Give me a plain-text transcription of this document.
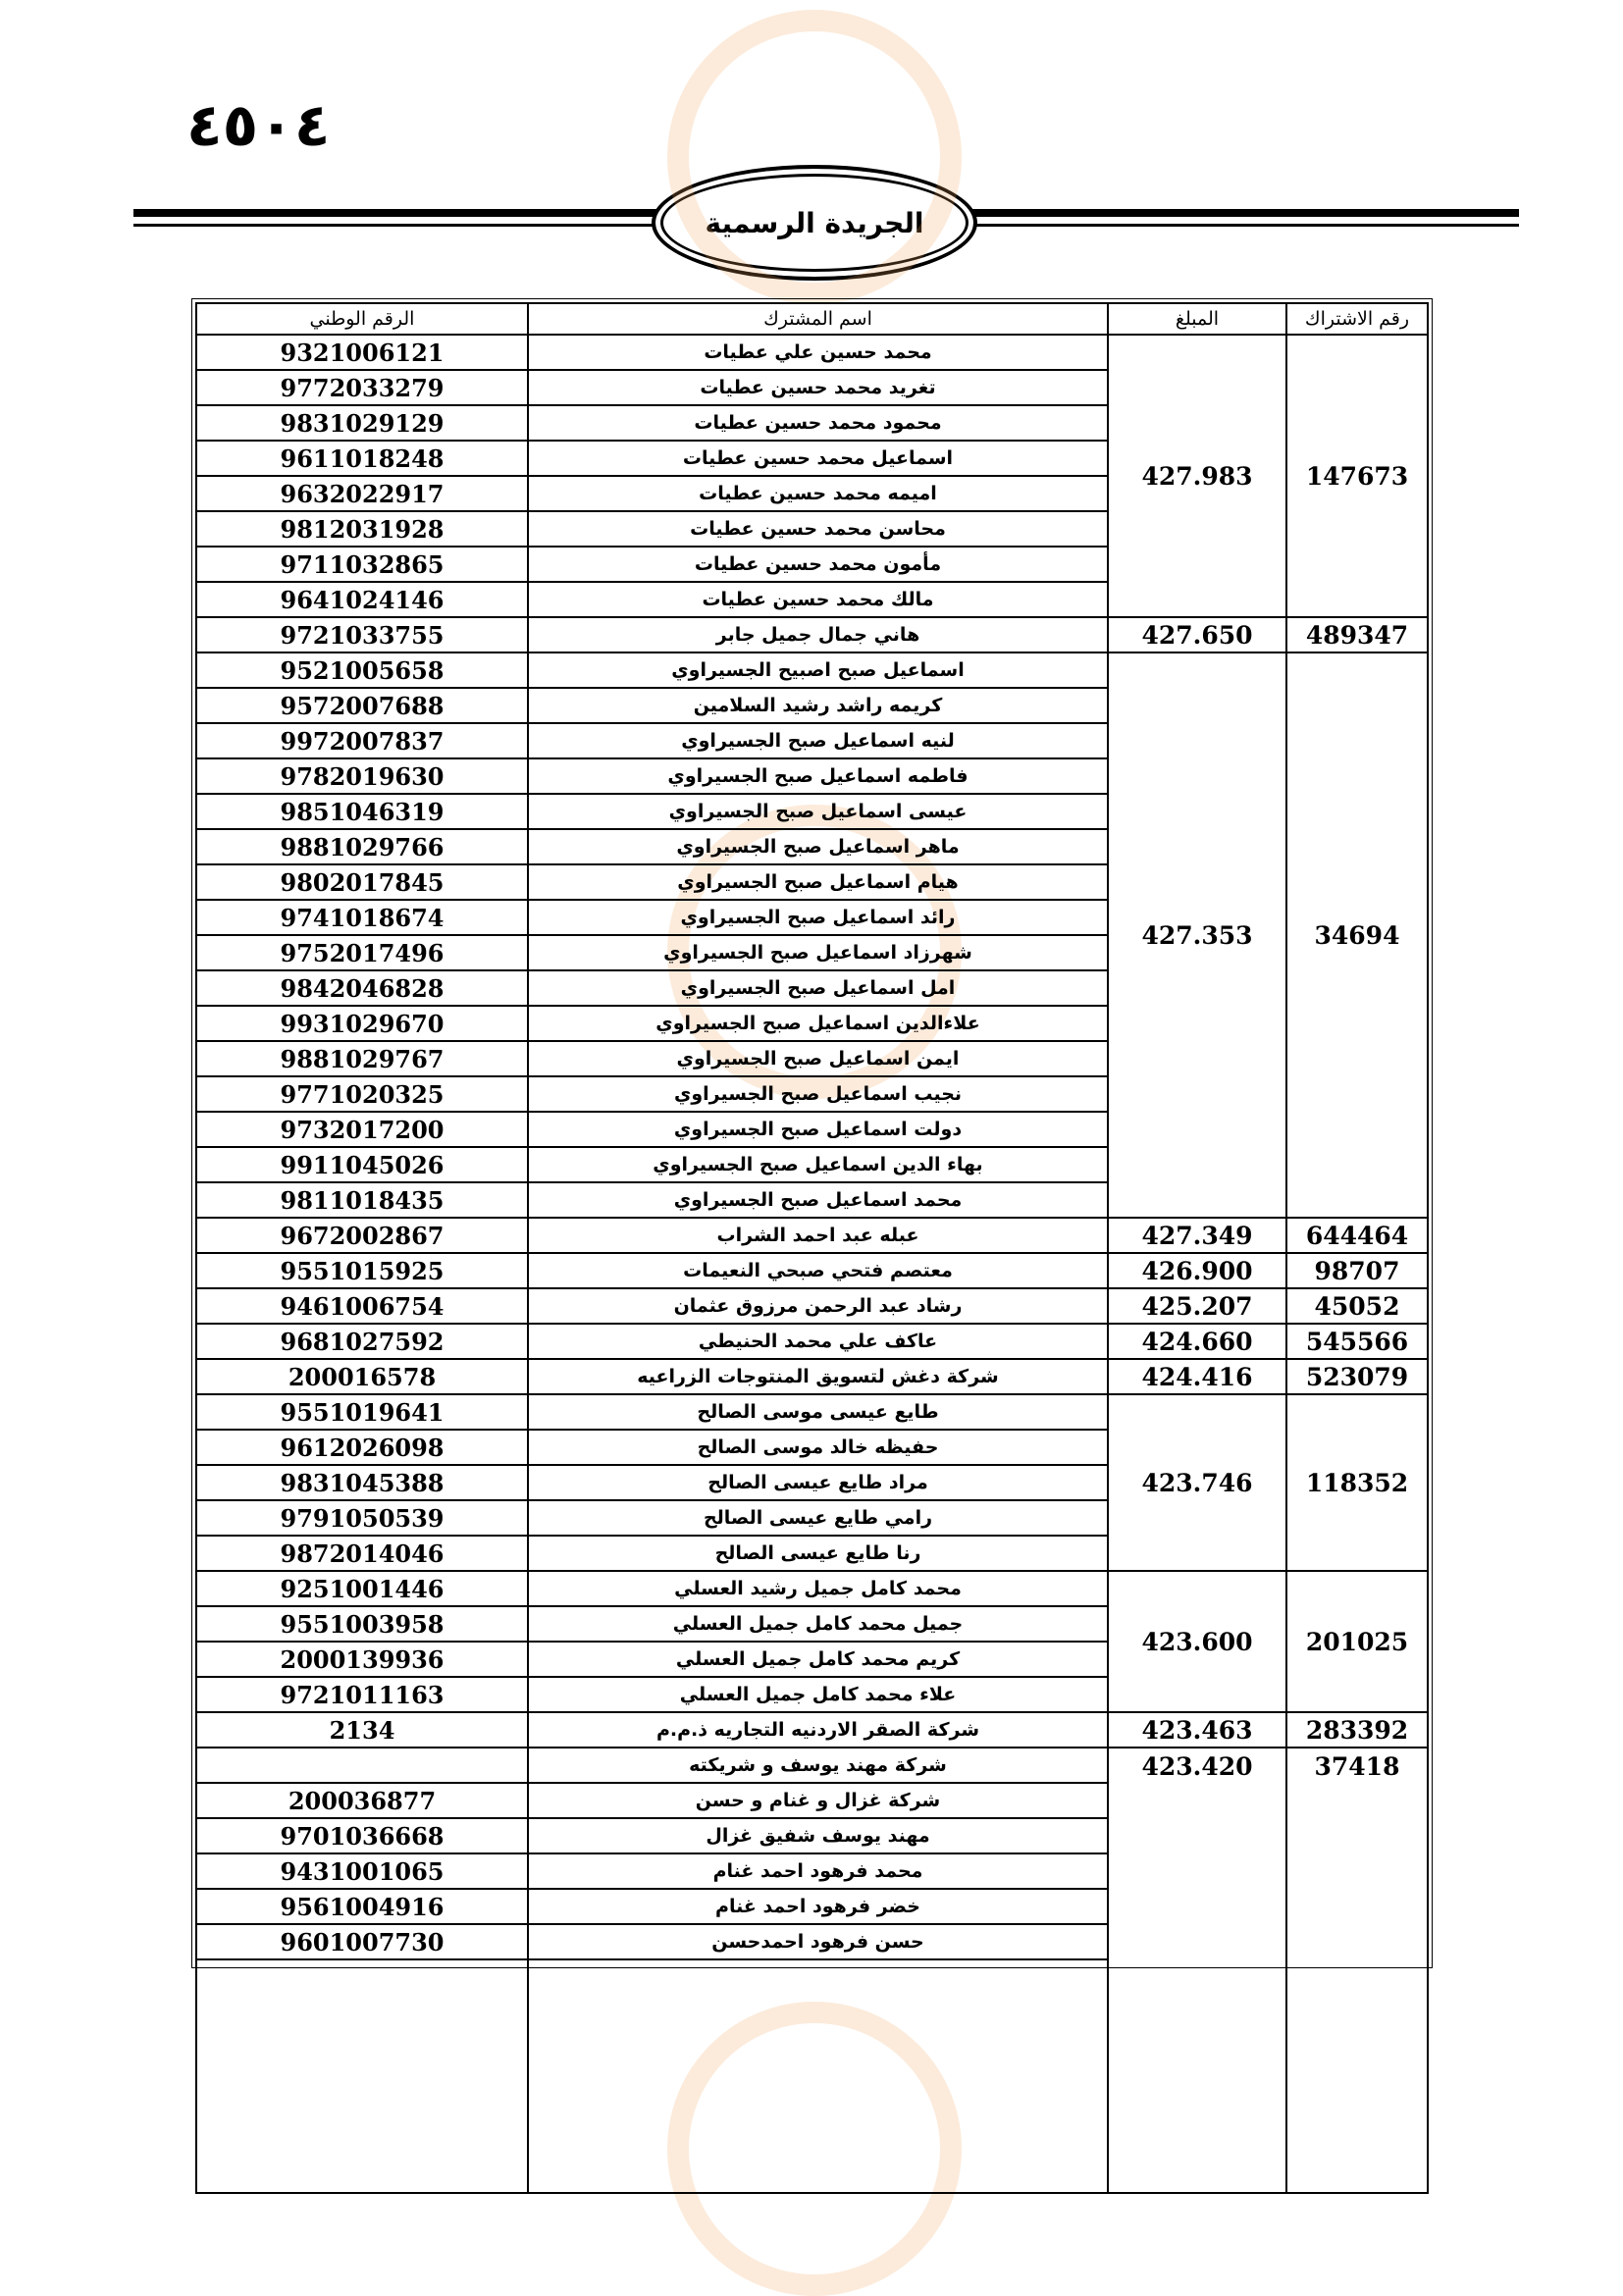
٤٥٠٤
الجريدة الرسمية
رقم الاشتراك	المبلغ	اسم المشترك	الرقم الوطني
147673	427.983	محمد حسين علي عطيات	9321006121
		تغريد محمد حسين عطيات	9772033279
		محمود محمد حسين عطيات	9831029129
		اسماعيل محمد حسين عطيات	9611018248
		اميمه محمد حسين عطيات	9632022917
		محاسن محمد حسين عطيات	9812031928
		مأمون محمد حسين عطيات	9711032865
		مالك محمد حسين عطيات	9641024146
489347	427.650	هاني جمال جميل جابر	9721033755
34694	427.353	اسماعيل صبح اصبيح الجسيراوي	9521005658
		كريمه راشد رشيد السلامين	9572007688
		لنيه اسماعيل صبح الجسيراوي	9972007837
		فاطمه اسماعيل صبح الجسيراوي	9782019630
		عيسى اسماعيل صبح الجسيراوي	9851046319
		ماهر اسماعيل صبح الجسيراوي	9881029766
		هيام اسماعيل صبح الجسيراوي	9802017845
		رائد اسماعيل صبح الجسيراوي	9741018674
		شهرزاد اسماعيل صبح الجسيراوي	9752017496
		امل اسماعيل صبح الجسيراوي	9842046828
		علاءالدين اسماعيل صبح الجسيراوي	9931029670
		ايمن اسماعيل صبح الجسيراوي	9881029767
		نجيب اسماعيل صبح الجسيراوي	9771020325
		دولت اسماعيل صبح الجسيراوي	9732017200
		بهاء الدين اسماعيل صبح الجسيراوي	9911045026
		محمد اسماعيل صبح الجسيراوي	9811018435
644464	427.349	عبله عبد احمد الشراب	9672002867
98707	426.900	معتصم فتحي صبحي النعيمات	9551015925
45052	425.207	رشاد عبد الرحمن مرزوق عثمان	9461006754
545566	424.660	عاكف علي محمد الحنيطي	9681027592
523079	424.416	شركة دغش لتسويق المنتوجات الزراعيه	200016578
118352	423.746	طايع عيسى موسى الصالح	9551019641
		حفيظه خالد موسى الصالح	9612026098
		مراد طايع عيسى الصالح	9831045388
		رامي طايع عيسى الصالح	9791050539
		رنا طايع عيسى الصالح	9872014046
201025	423.600	محمد كامل جميل رشيد العسلي	9251001446
		جميل محمد كامل جميل العسلي	9551003958
		كريم محمد كامل جميل العسلي	2000139936
		علاء محمد كامل جميل العسلي	9721011163
283392	423.463	شركة الصقر الاردنيه التجاريه ذ.م.م	2134
37418	423.420	شركة مهند يوسف و شريكته	
		شركة غزال و غنام و حسن	200036877
		مهند يوسف شفيق غزال	9701036668
		محمد فرهود احمد غنام	9431001065
		خضر فرهود احمد غنام	9561004916
		حسن فرهود احمدحسن	9601007730
